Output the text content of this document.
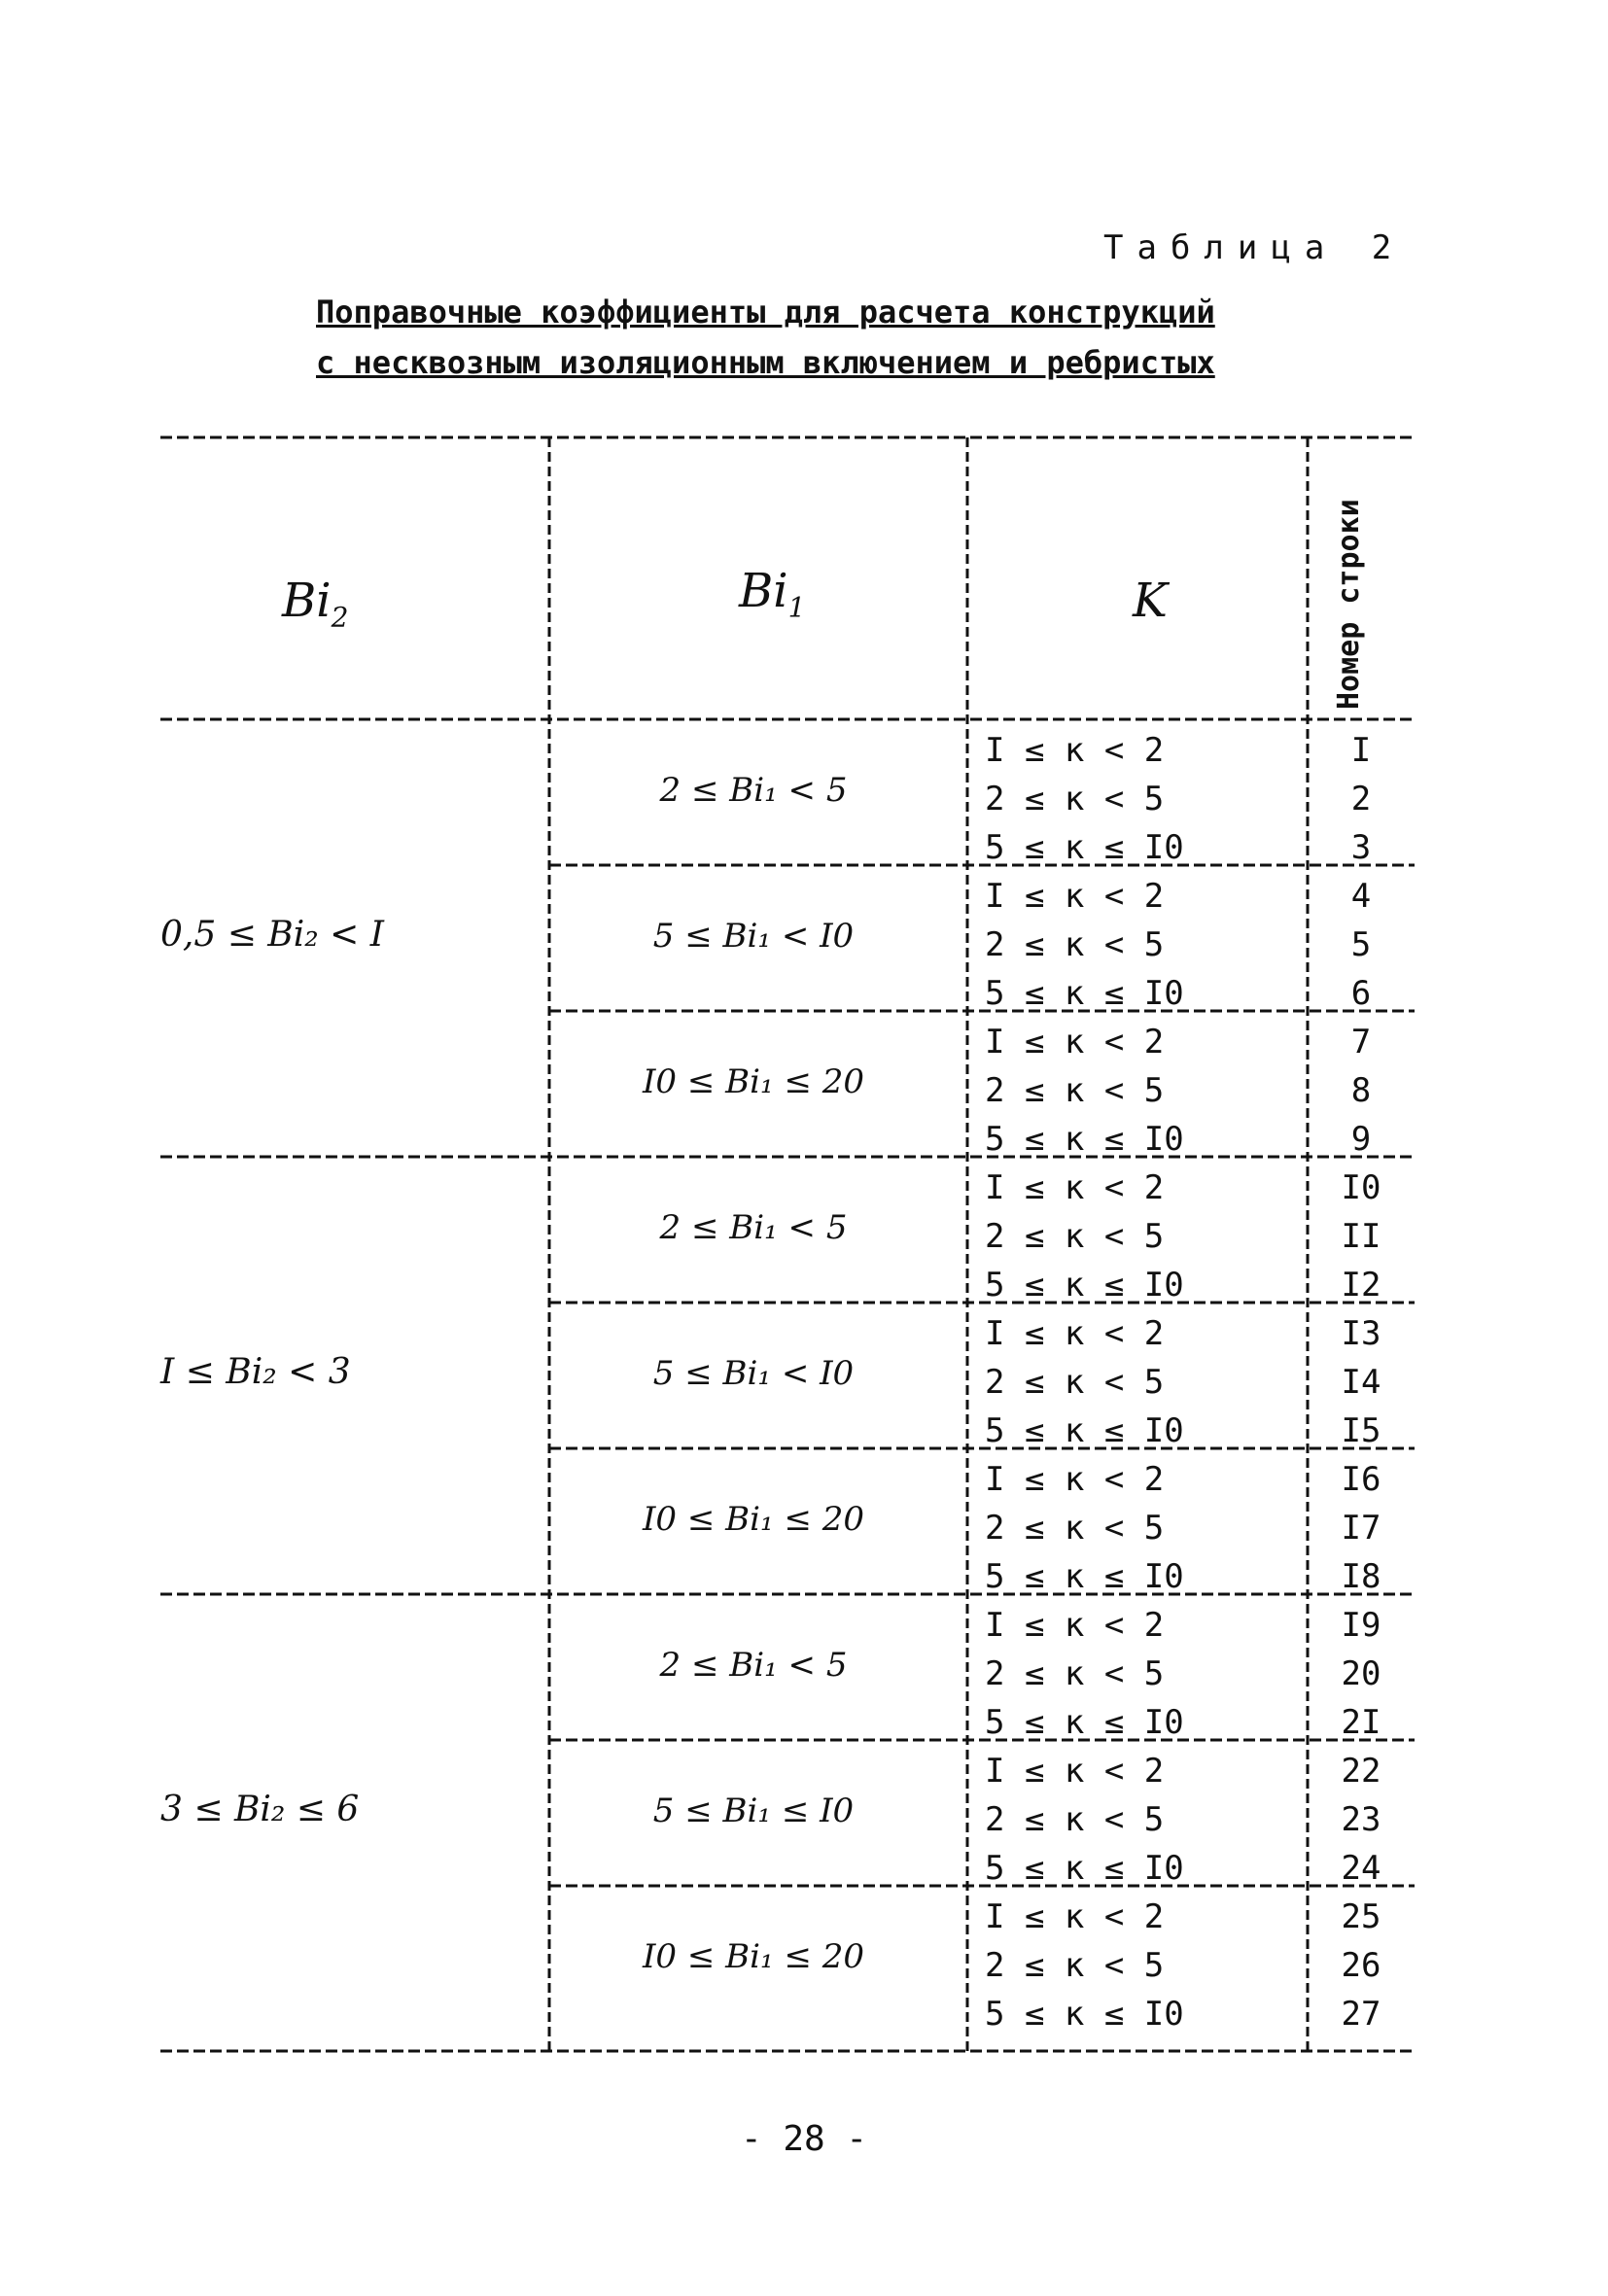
Таблица 2
Поправочные коэффициенты для расчета конструкций
с несквозным изоляционным включением и ребристых
$Bi_2$	$Bi_1$	K	Номер строки
0,5 ≤ Bi₂ < I
2 ≤ Bi₁ < 5
I ≤ к < 2	I
2 ≤ к < 5	2
5 ≤ к ≤ I0	3
5 ≤ Bi₁ < I0
I ≤ к < 2	4
2 ≤ к < 5	5
5 ≤ к ≤ I0	6
I0 ≤ Bi₁ ≤ 20
I ≤ к < 2	7
2 ≤ к < 5	8
5 ≤ к ≤ I0	9
I ≤ Bi₂ < 3
2 ≤ Bi₁ < 5
I ≤ к < 2	I0
2 ≤ к < 5	II
5 ≤ к ≤ I0	I2
5 ≤ Bi₁ < I0
I ≤ к < 2	I3
2 ≤ к < 5	I4
5 ≤ к ≤ I0	I5
I0 ≤ Bi₁ ≤ 20
I ≤ к < 2	I6
2 ≤ к < 5	I7
5 ≤ к ≤ I0	I8
3 ≤ Bi₂ ≤ 6
2 ≤ Bi₁ < 5
I ≤ к < 2	I9
2 ≤ к < 5	20
5 ≤ к ≤ I0	2I
5 ≤ Bi₁ ≤ I0
I ≤ к < 2	22
2 ≤ к < 5	23
5 ≤ к ≤ I0	24
I0 ≤ Bi₁ ≤ 20
I ≤ к < 2	25
2 ≤ к < 5	26
5 ≤ к ≤ I0	27
- 28 -
